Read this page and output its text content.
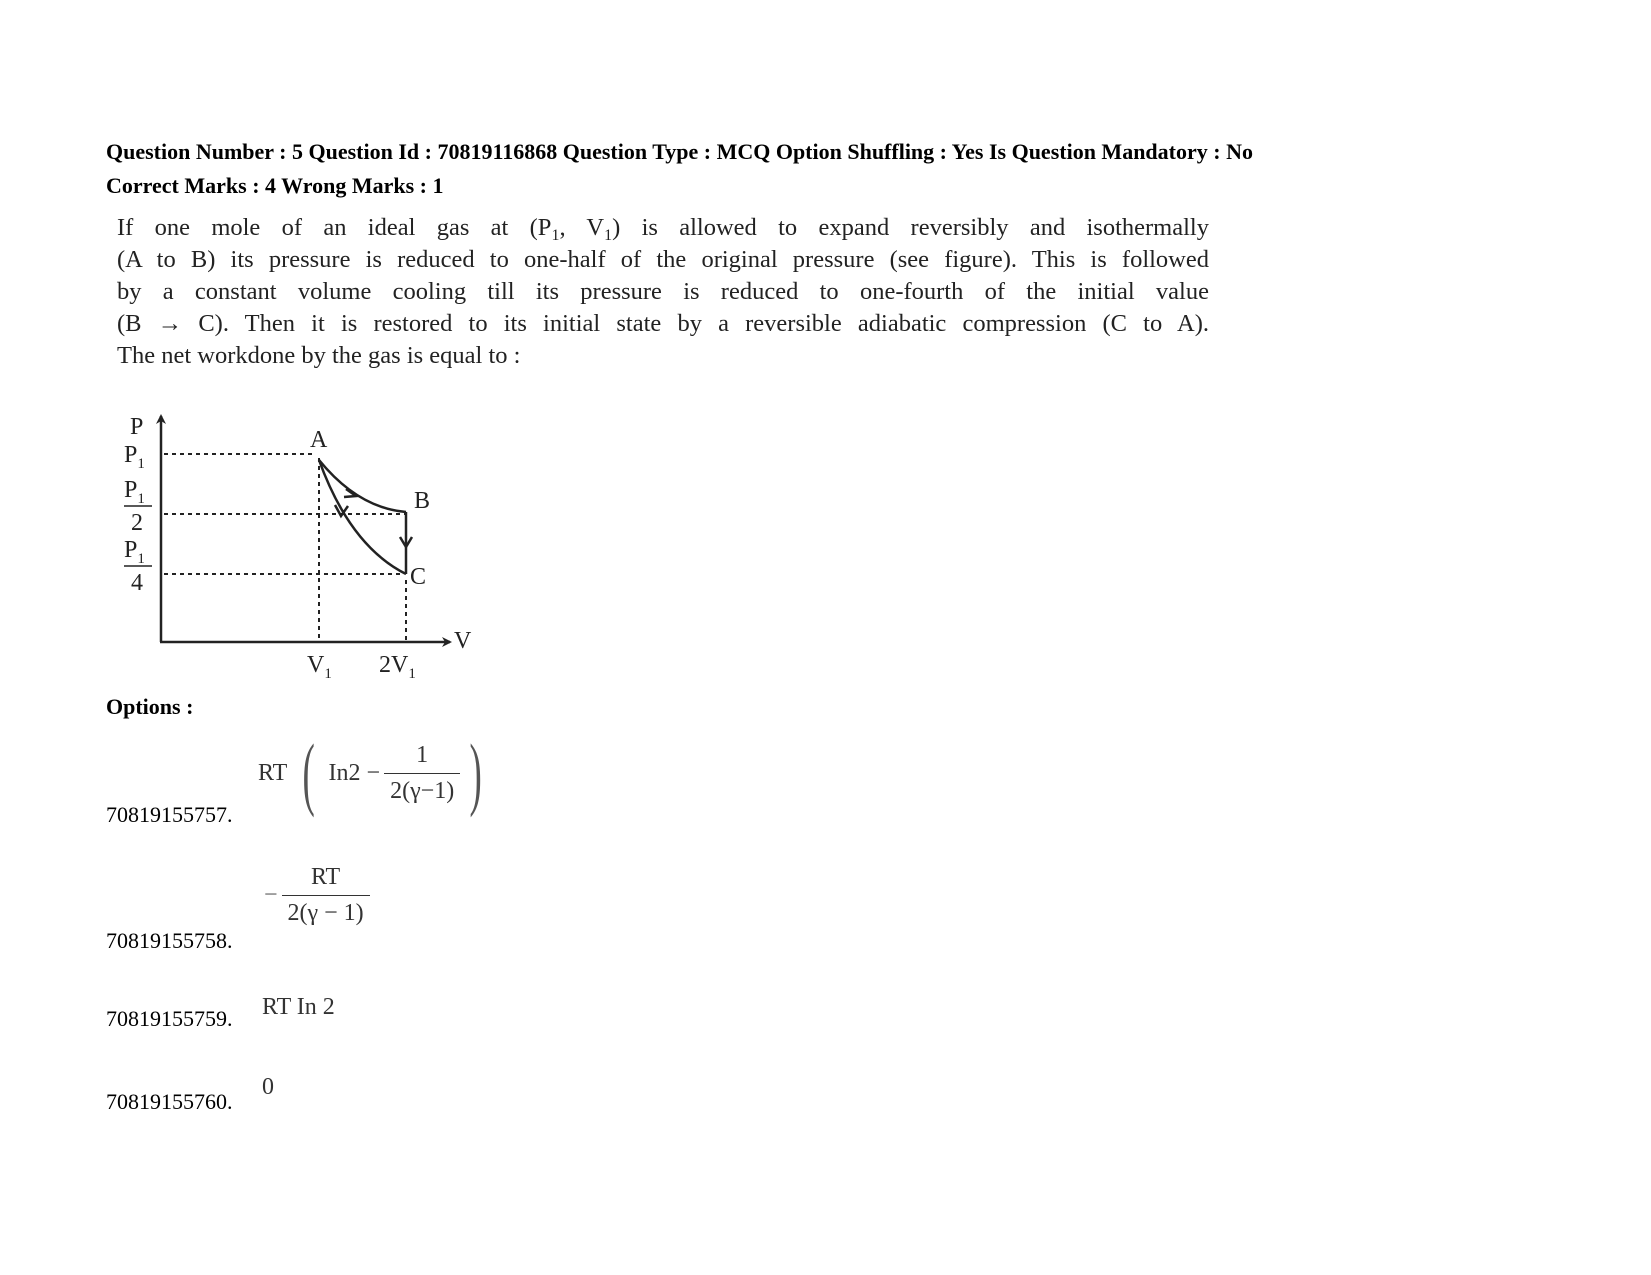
Question Number : 5 Question Id : 70819116868 Question Type : MCQ Option Shuffling : Yes Is Question Mandatory : No
Correct Marks : 4 Wrong Marks : 1
If one mole of an ideal gas at ($P_1$, $V_1$) is allowed to expand reversibly and isothermally
(A to B) its pressure is reduced to one-half of the original pressure (see figure). This is followed
by a constant volume cooling till its pressure is reduced to one-fourth of the initial value
(B → C). Then it is restored to its initial state by a reversible adiabatic compression (C to A).
The net workdone by the gas is equal to :
P
V
$P_1$
$P_1$
2
$P_1$
4
$V_1$ $2V_1$
A
B
C
Options :
70819155757.
RT ( $In2 - \frac{1}{2(\gamma-1)}$ )
70819155758.
− $\frac{RT}{2(\gamma - 1)}$
70819155759. RT In 2
70819155760.
0
